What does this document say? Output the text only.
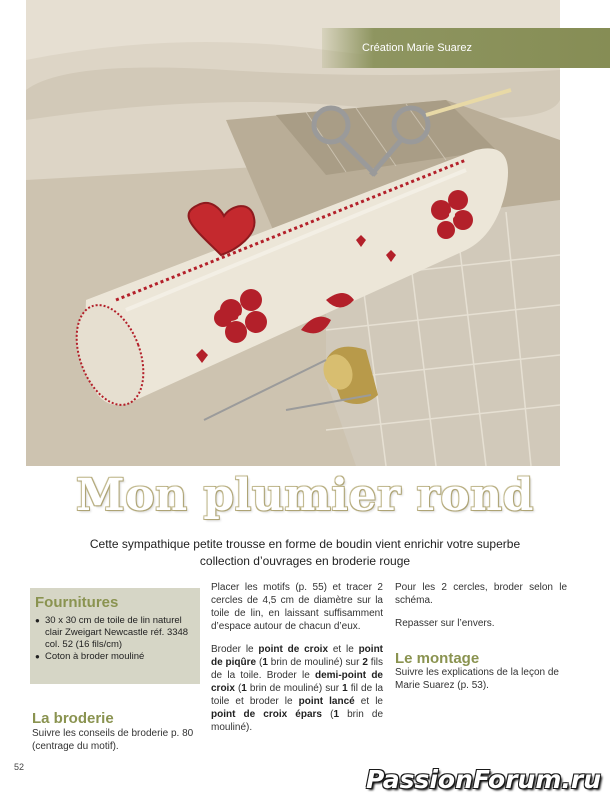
Création Marie Suarez
Mon plumier rond
Cette sympathique petite trousse en forme de boudin vient enrichir votre superbe
collection d’ouvrages en broderie rouge
Fournitures
● 30 x 30 cm de toile de lin naturel clair Zweigart Newcastle réf. 3348 col. 52 (16 fils/cm)
● Coton à broder mouliné
La broderie
Suivre les conseils de broderie p. 80 (centrage du motif).

Placer les motifs (p. 55) et tracer 2 cercles de 4,5 cm de diamètre sur la toile de lin, en laissant suffisamment d’espace autour de chacun d’eux.

Broder le point de croix et le point de piqûre (1 brin de mouliné) sur 2 fils de la toile. Broder le demi-point de croix (1 brin de mouliné) sur 1 fil de la toile et broder le point lancé et le point de croix épars (1 brin de mouliné).

Pour les 2 cercles, broder selon le schéma.

Repasser sur l’envers.

Le montage
Suivre les explications de la leçon de Marie Suarez (p. 53).
52	PassionForum.ru
